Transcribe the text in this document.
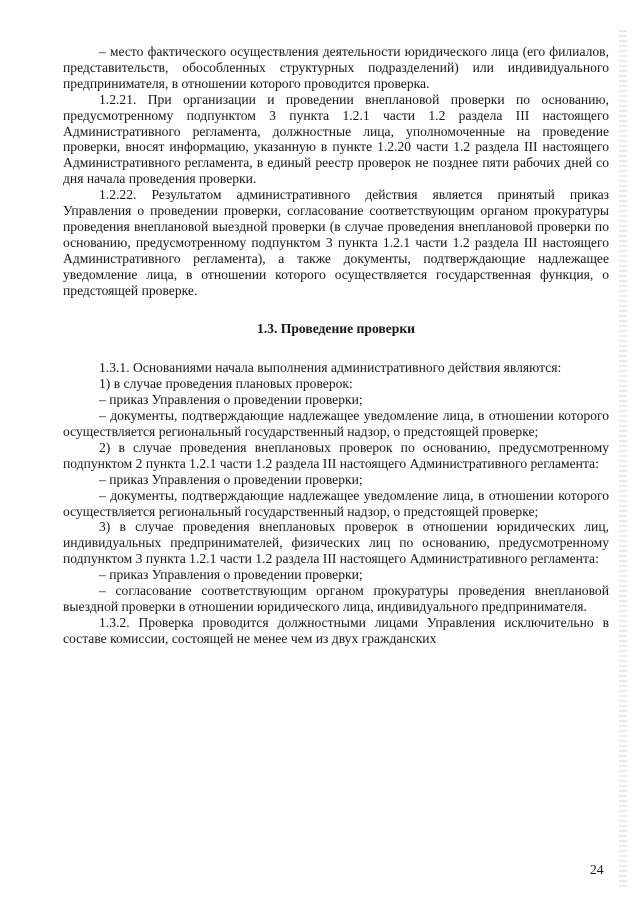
– место фактического осуществления деятельности юридического лица (его филиалов, представительств, обособленных структурных подразделений) или индивидуального предпринимателя, в отношении которого проводится проверка.

1.2.21. При организации и проведении внеплановой проверки по основанию, предусмотренному подпунктом 3 пункта 1.2.1 части 1.2 раздела III настоящего Административного регламента, должностные лица, уполномоченные на проведение проверки, вносят информацию, указанную в пункте 1.2.20 части 1.2 раздела III настоящего Административного регламента, в единый реестр проверок не позднее пяти рабочих дней со дня начала проведения проверки.

1.2.22. Результатом административного действия является принятый приказ Управления о проведении проверки, согласование соответствующим органом прокуратуры проведения внеплановой выездной проверки (в случае проведения внеплановой проверки по основанию, предусмотренному подпунктом 3 пункта 1.2.1 части 1.2 раздела III настоящего Административного регламента), а также документы, подтверждающие надлежащее уведомление лица, в отношении которого осуществляется государственная функция, о предстоящей проверке.

1.3. Проведение проверки

1.3.1. Основаниями начала выполнения административного действия являются:

1) в случае проведения плановых проверок:

– приказ Управления о проведении проверки;

– документы, подтверждающие надлежащее уведомление лица, в отношении которого осуществляется региональный государственный надзор, о предстоящей проверке;

2) в случае проведения внеплановых проверок по основанию, предусмотренному подпунктом 2 пункта 1.2.1 части 1.2 раздела III настоящего Административного регламента:

– приказ Управления о проведении проверки;

– документы, подтверждающие надлежащее уведомление лица, в отношении которого осуществляется региональный государственный надзор, о предстоящей проверке;

3) в случае проведения внеплановых проверок в отношении юридических лиц, индивидуальных предпринимателей, физических лиц по основанию, предусмотренному подпунктом 3 пункта 1.2.1 части 1.2 раздела III настоящего Административного регламента:

– приказ Управления о проведении проверки;

– согласование соответствующим органом прокуратуры проведения внеплановой выездной проверки в отношении юридического лица, индивидуального предпринимателя.

1.3.2. Проверка проводится должностными лицами Управления исключительно в составе комиссии, состоящей не менее чем из двух гражданских

24
